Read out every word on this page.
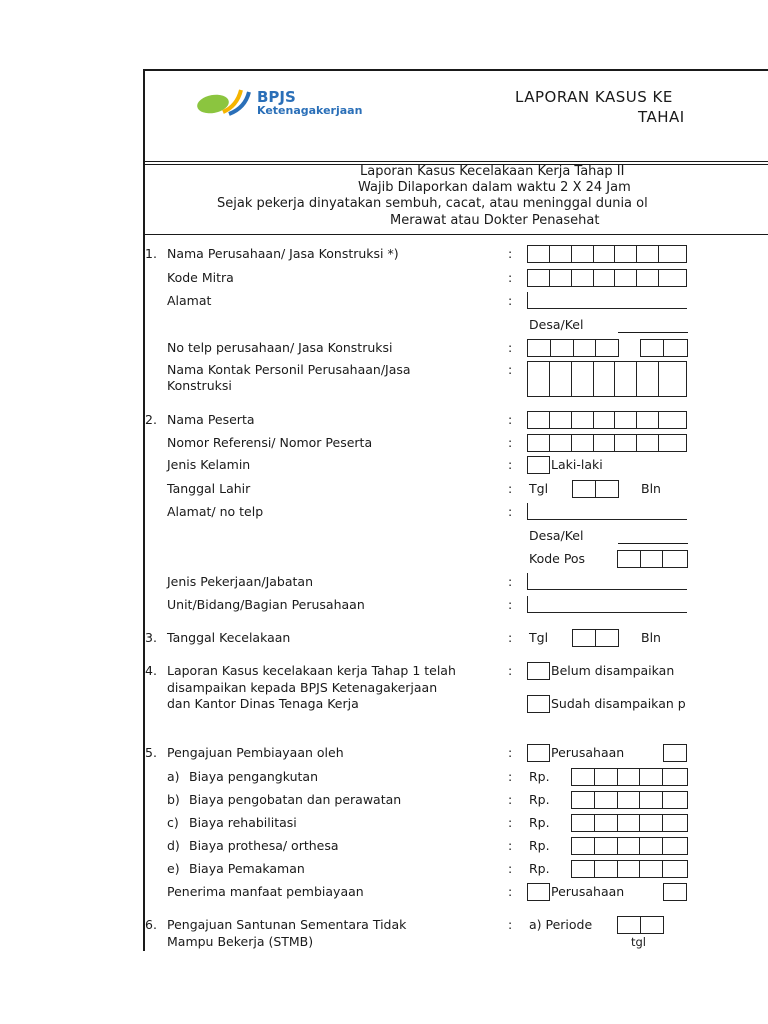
BPJS
Ketenagakerjaan
LAPORAN KASUS KE
TAHAI
Laporan Kasus Kecelakaan Kerja Tahap II
Wajib Dilaporkan dalam waktu 2 X 24 Jam
Sejak pekerja dinyatakan sembuh, cacat, atau meninggal dunia ol
Merawat atau Dokter Penasehat
1. Nama Perusahaan/ Jasa Konstruksi *)	:
Kode Mitra	:
Alamat	:
Desa/Kel
No telp perusahaan/ Jasa Konstruksi	:
Nama Kontak Personil Perusahaan/Jasa
Konstruksi
:
2. Nama Peserta	:
Nomor Referensi/ Nomor Peserta	:
Jenis Kelamin	:	Laki-laki
Tanggal Lahir	: Tgl	Bln
Alamat/ no telp	:
Desa/Kel
Kode Pos
Jenis Pekerjaan/Jabatan	:
Unit/Bidang/Bagian Perusahaan	:
3. Tanggal Kecelakaan	: Tgl	Bln
4. Laporan Kasus kecelakaan kerja Tahap 1 telah
disampaikan kepada BPJS Ketenagakerjaan
dan Kantor Dinas Tenaga Kerja
:	Belum disampaikan
Sudah disampaikan p
5. Pengajuan Pembiayaan oleh	:	Perusahaan
a) Biaya pengangkutan	: Rp.
b) Biaya pengobatan dan perawatan	: Rp.
c) Biaya rehabilitasi	: Rp.
d) Biaya prothesa/ orthesa	: Rp.
e) Biaya Pemakaman	: Rp.
Penerima manfaat pembiayaan	:	Perusahaan
6. Pengajuan Santunan Sementara Tidak
Mampu Bekerja (STMB)
: a) Periode
tgl
